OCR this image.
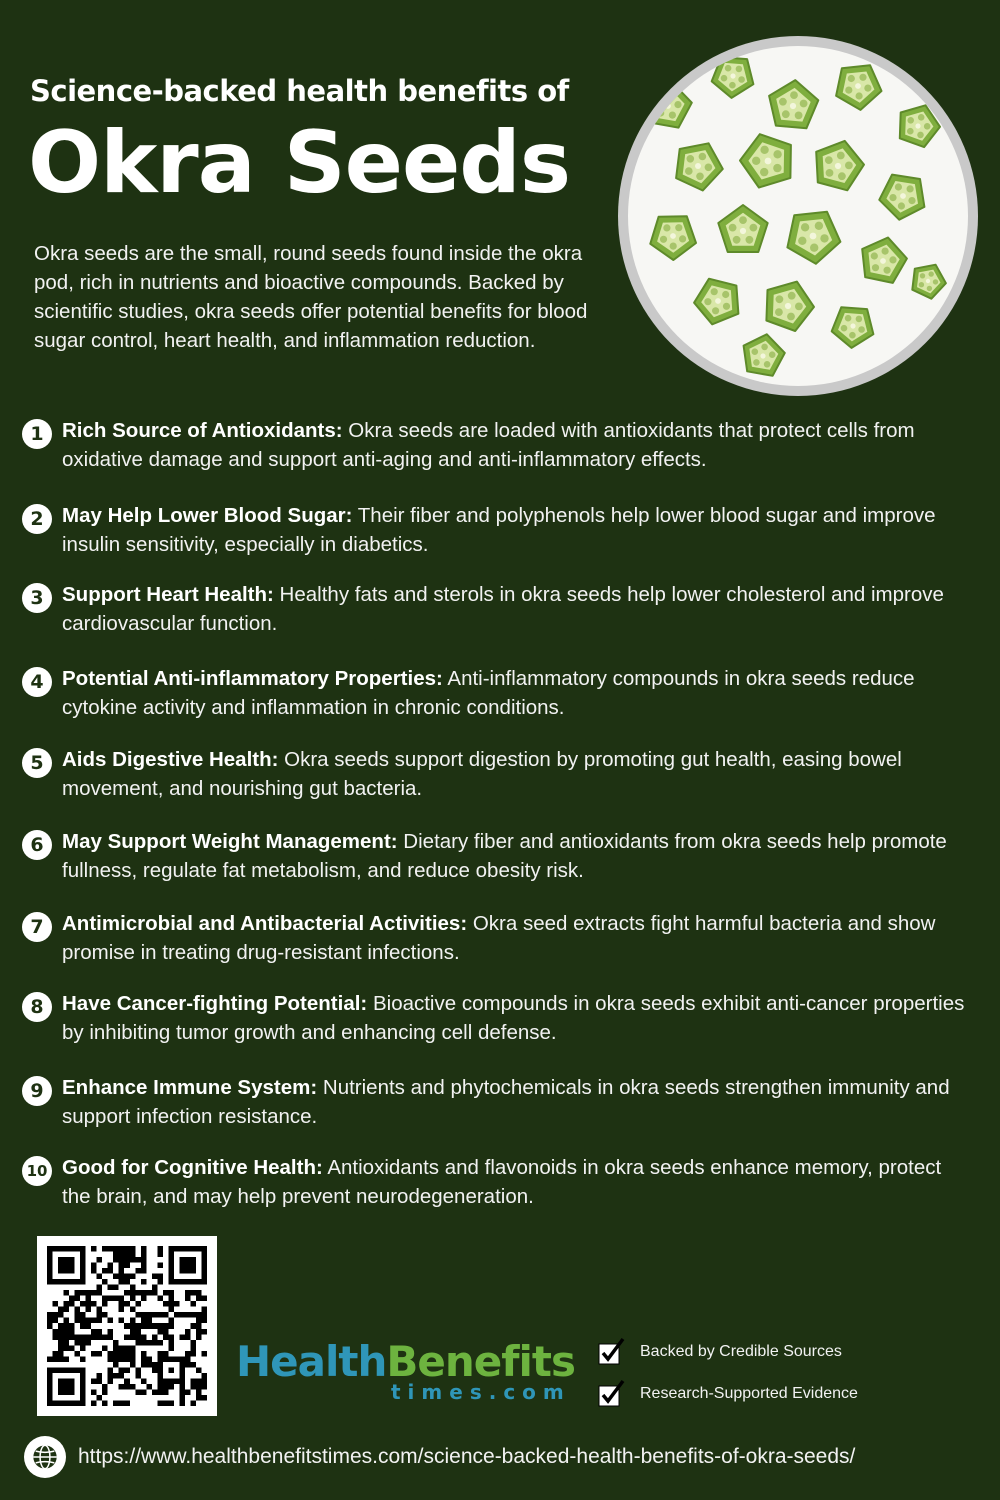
Science-backed health benefits of
Okra Seeds

Okra seeds are the small, round seeds found inside the okra pod, rich in nutrients and bioactive compounds. Backed by scientific studies, okra seeds offer potential benefits for blood sugar control, heart health, and inflammation reduction.

1 Rich Source of Antioxidants: Okra seeds are loaded with antioxidants that protect cells from oxidative damage and support anti-aging and anti-inflammatory effects.
2 May Help Lower Blood Sugar: Their fiber and polyphenols help lower blood sugar and improve insulin sensitivity, especially in diabetics.
3 Support Heart Health: Healthy fats and sterols in okra seeds help lower cholesterol and improve cardiovascular function.
4 Potential Anti-inflammatory Properties: Anti-inflammatory compounds in okra seeds reduce cytokine activity and inflammation in chronic conditions.
5 Aids Digestive Health: Okra seeds support digestion by promoting gut health, easing bowel movement, and nourishing gut bacteria.
6 May Support Weight Management: Dietary fiber and antioxidants from okra seeds help promote fullness, regulate fat metabolism, and reduce obesity risk.
7 Antimicrobial and Antibacterial Activities: Okra seed extracts fight harmful bacteria and show promise in treating drug-resistant infections.
8 Have Cancer-fighting Potential: Bioactive compounds in okra seeds exhibit anti-cancer properties by inhibiting tumor growth and enhancing cell defense.
9 Enhance Immune System: Nutrients and phytochemicals in okra seeds strengthen immunity and support infection resistance.
10 Good for Cognitive Health: Antioxidants and flavonoids in okra seeds enhance memory, protect the brain, and may help prevent neurodegeneration.
HealthBenefits
times.com
Backed by Credible Sources
Research-Supported Evidence
https://www.healthbenefitstimes.com/science-backed-health-benefits-of-okra-seeds/
